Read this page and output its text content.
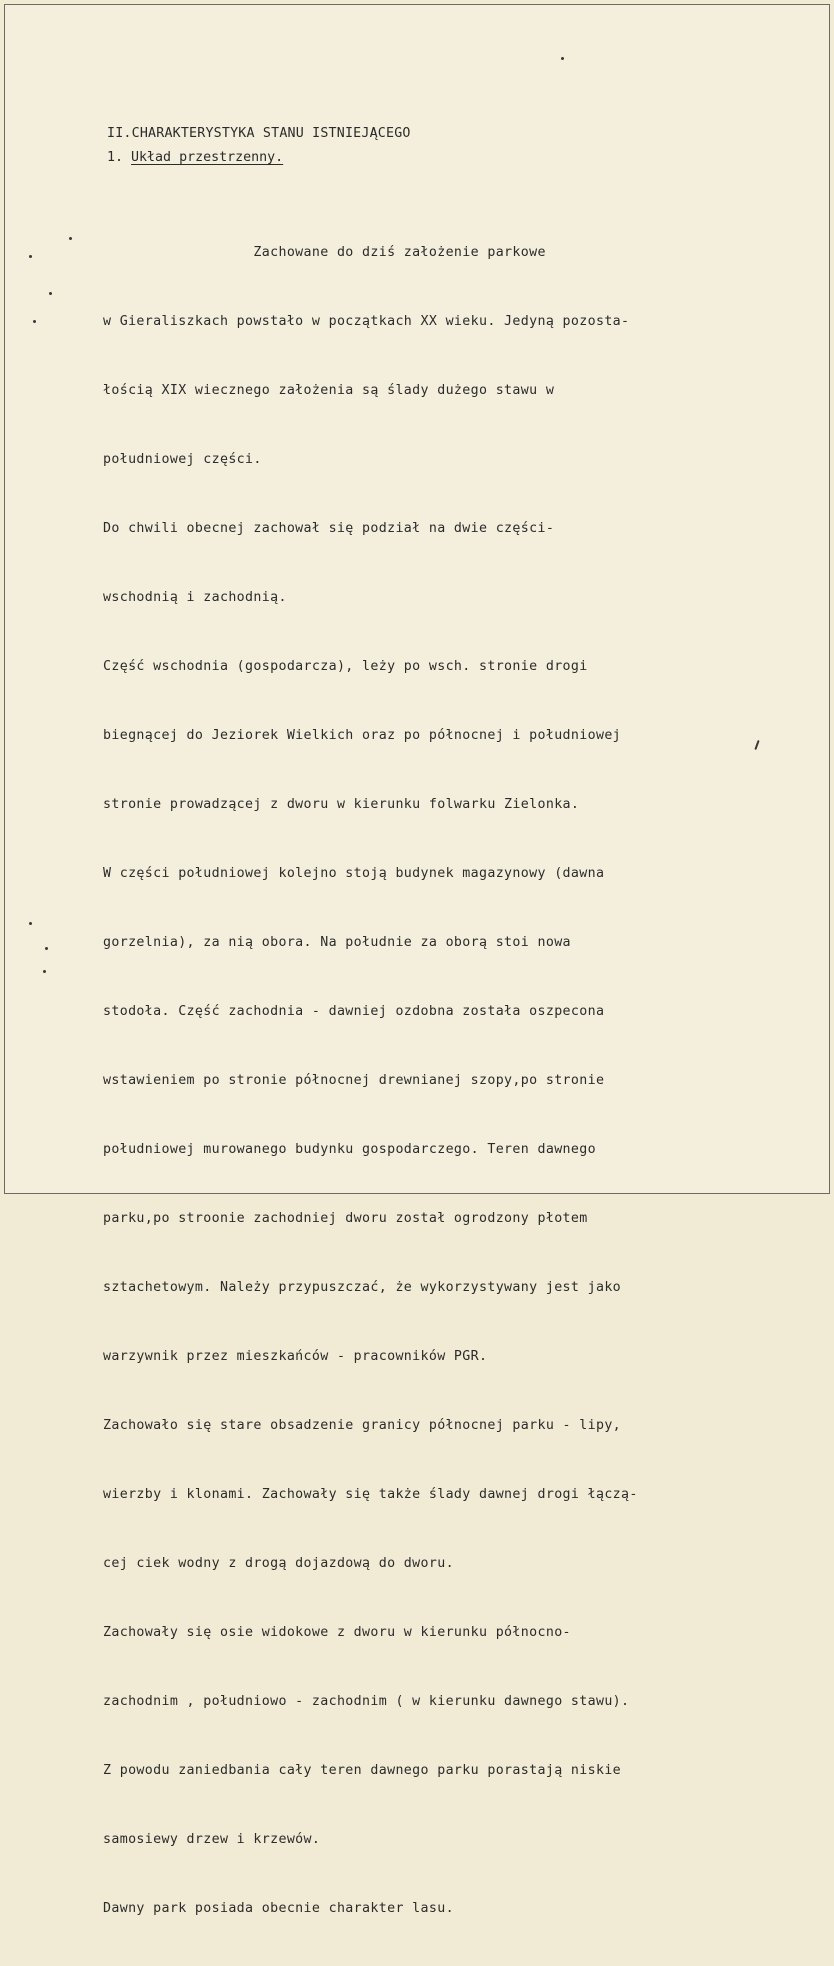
II.CHARAKTERYSTYKA STANU ISTNIEJĄCEGO
1. Układ przestrzenny.

Zachowane do dziś założenie parkowe

w Gieraliszkach powstało w początkach XX wieku. Jedyną pozosta-

łością XIX wiecznego założenia są ślady dużego stawu w

południowej części.

Do chwili obecnej zachował się podział na dwie części-

wschodnią i zachodnią.

Część wschodnia (gospodarcza), leży po wsch. stronie drogi

biegnącej do Jeziorek Wielkich oraz po północnej i południowej

stronie prowadzącej z dworu w kierunku folwarku Zielonka.

W części południowej kolejno stoją budynek magazynowy (dawna

gorzelnia), za nią obora. Na południe za oborą stoi nowa

stodoła. Część zachodnia - dawniej ozdobna została oszpecona

wstawieniem po stronie północnej drewnianej szopy,po stronie

południowej murowanego budynku gospodarczego. Teren dawnego

parku,po stroonie zachodniej dworu został ogrodzony płotem

sztachetowym. Należy przypuszczać, że wykorzystywany jest jako

warzywnik przez mieszkańców - pracowników PGR.

Zachowało się stare obsadzenie granicy północnej parku - lipy,

wierzby i klonami. Zachowały się także ślady dawnej drogi łączą-

cej ciek wodny z drogą dojazdową do dworu.

Zachowały się osie widokowe z dworu w kierunku północno-

zachodnim , południowo - zachodnim ( w kierunku dawnego stawu).

Z powodu zaniedbania cały teren dawnego parku porastają niskie

samosiewy drzew i krzewów.

Dawny park posiada obecnie charakter lasu.
